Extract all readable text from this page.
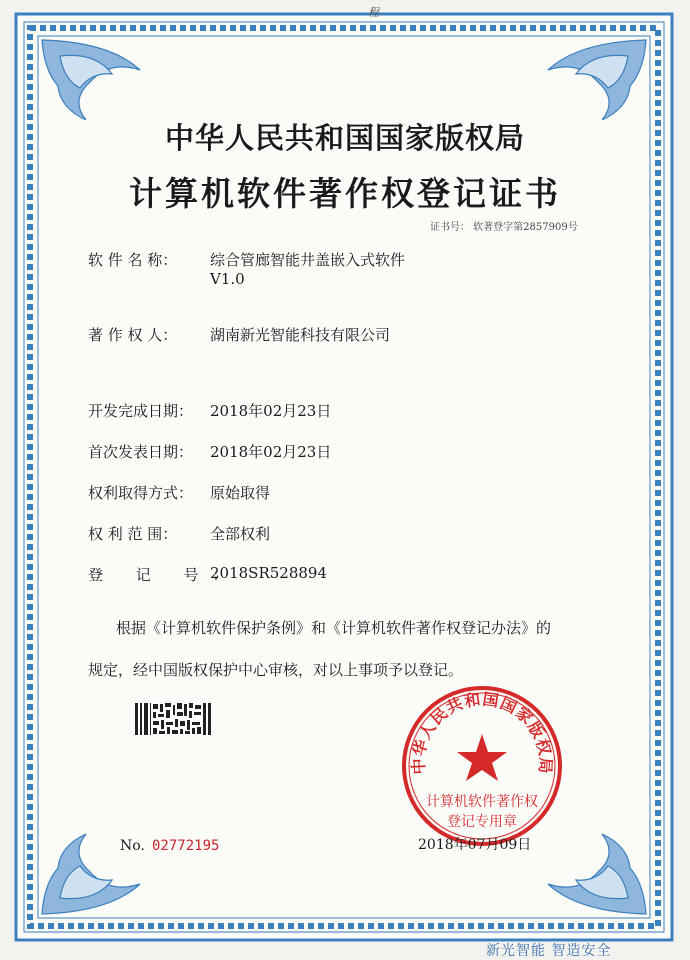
程
中华人民共和国国家版权局
计算机软件著作权登记证书
证书号： 软著登字第2857909号
软 件 名 称： 综合管廊智能井盖嵌入式软件
V1.0
著 作 权 人： 湖南新光智能科技有限公司
开发完成日期： 2018年02月23日
首次发表日期： 2018年02月23日
权利取得方式： 原始取得
权 利 范 围： 全部权利
登 记 号：
2018SR528894
根据《计算机软件保护条例》和《计算机软件著作权登记办法》的
规定，经中国版权保护中心审核，对以上事项予以登记。
中华人民共和国国家版权局
计算机软件著作权
登记专用章
No. 02772195	2018年07月09日
新光智能 智造安全
